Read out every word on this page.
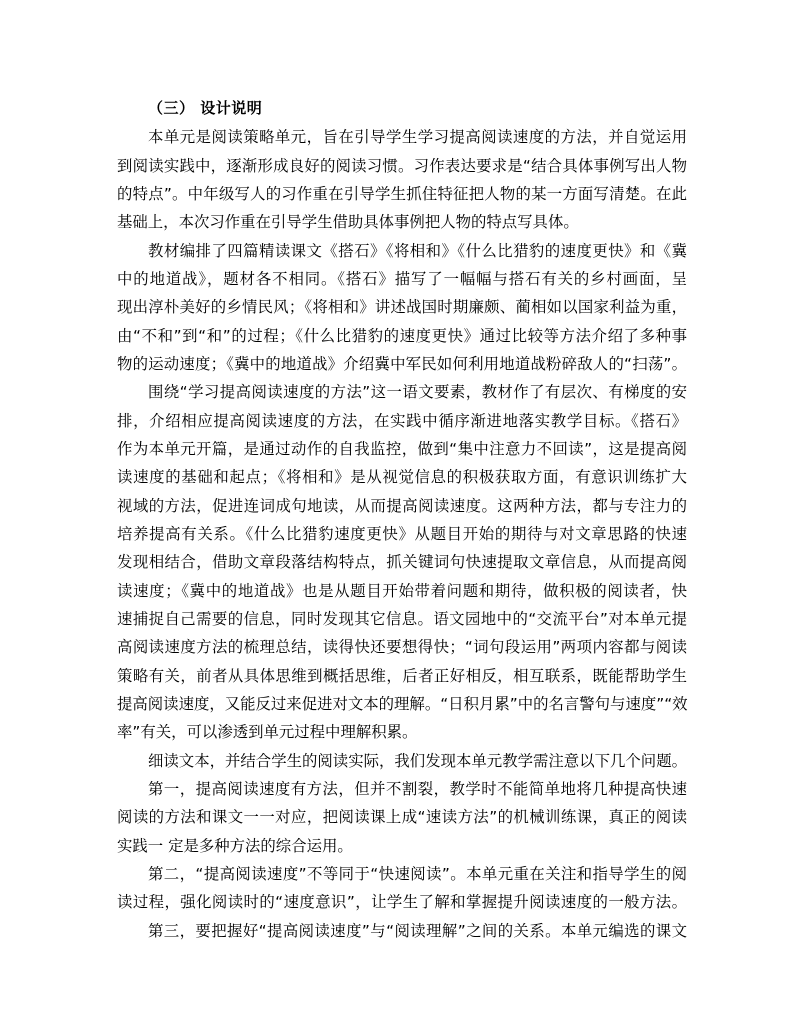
（三） 设计说明
本单元是阅读策略单元，旨在引导学生学习提高阅读速度的方法，并自觉运用
到阅读实践中，逐渐形成良好的阅读习惯。习作表达要求是“结合具体事例写出人物
的特点”。中年级写人的习作重在引导学生抓住特征把人物的某一方面写清楚。在此
基础上，本次习作重在引导学生借助具体事例把人物的特点写具体。
教材编排了四篇精读课文《搭石》《将相和》《什么比猎豹的速度更快》和《冀
中的地道战》，题材各不相同。《搭石》描写了一幅幅与搭石有关的乡村画面，呈
现出淳朴美好的乡情民风；《将相和》讲述战国时期廉颇、蔺相如以国家利益为重，
由“不和”到“和”的过程；《什么比猎豹的速度更快》通过比较等方法介绍了多种事
物的运动速度；《冀中的地道战》介绍冀中军民如何利用地道战粉碎敌人的“扫荡”。
围绕“学习提高阅读速度的方法”这一语文要素，教材作了有层次、有梯度的安
排，介绍相应提高阅读速度的方法，在实践中循序渐进地落实教学目标。《搭石》
作为本单元开篇，是通过动作的自我监控，做到“集中注意力不回读”，这是提高阅
读速度的基础和起点；《将相和》是从视觉信息的积极获取方面，有意识训练扩大
视域的方法，促进连词成句地读，从而提高阅读速度。这两种方法，都与专注力的
培养提高有关系。《什么比猎豹速度更快》从题目开始的期待与对文章思路的快速
发现相结合，借助文章段落结构特点，抓关键词句快速提取文章信息，从而提高阅
读速度；《冀中的地道战》也是从题目开始带着问题和期待，做积极的阅读者，快
速捕捉自己需要的信息，同时发现其它信息。语文园地中的“交流平台”对本单元提
高阅读速度方法的梳理总结，读得快还要想得快；“词句段运用”两项内容都与阅读
策略有关，前者从具体思维到概括思维，后者正好相反，相互联系，既能帮助学生
提高阅读速度，又能反过来促进对文本的理解。“日积月累”中的名言警句与速度”“效
率”有关，可以渗透到单元过程中理解积累。
细读文本，并结合学生的阅读实际，我们发现本单元教学需注意以下几个问题。
第一，提高阅读速度有方法，但并不割裂，教学时不能简单地将几种提高快速
阅读的方法和课文一一对应，把阅读课上成“速读方法”的机械训练课，真正的阅读
实践一 定是多种方法的综合运用。
第二，“提高阅读速度”不等同于“快速阅读”。本单元重在关注和指导学生的阅
读过程，强化阅读时的“速度意识”，让学生了解和掌握提升阅读速度的一般方法。
第三，要把握好“提高阅读速度”与“阅读理解”之间的关系。本单元编选的课文
